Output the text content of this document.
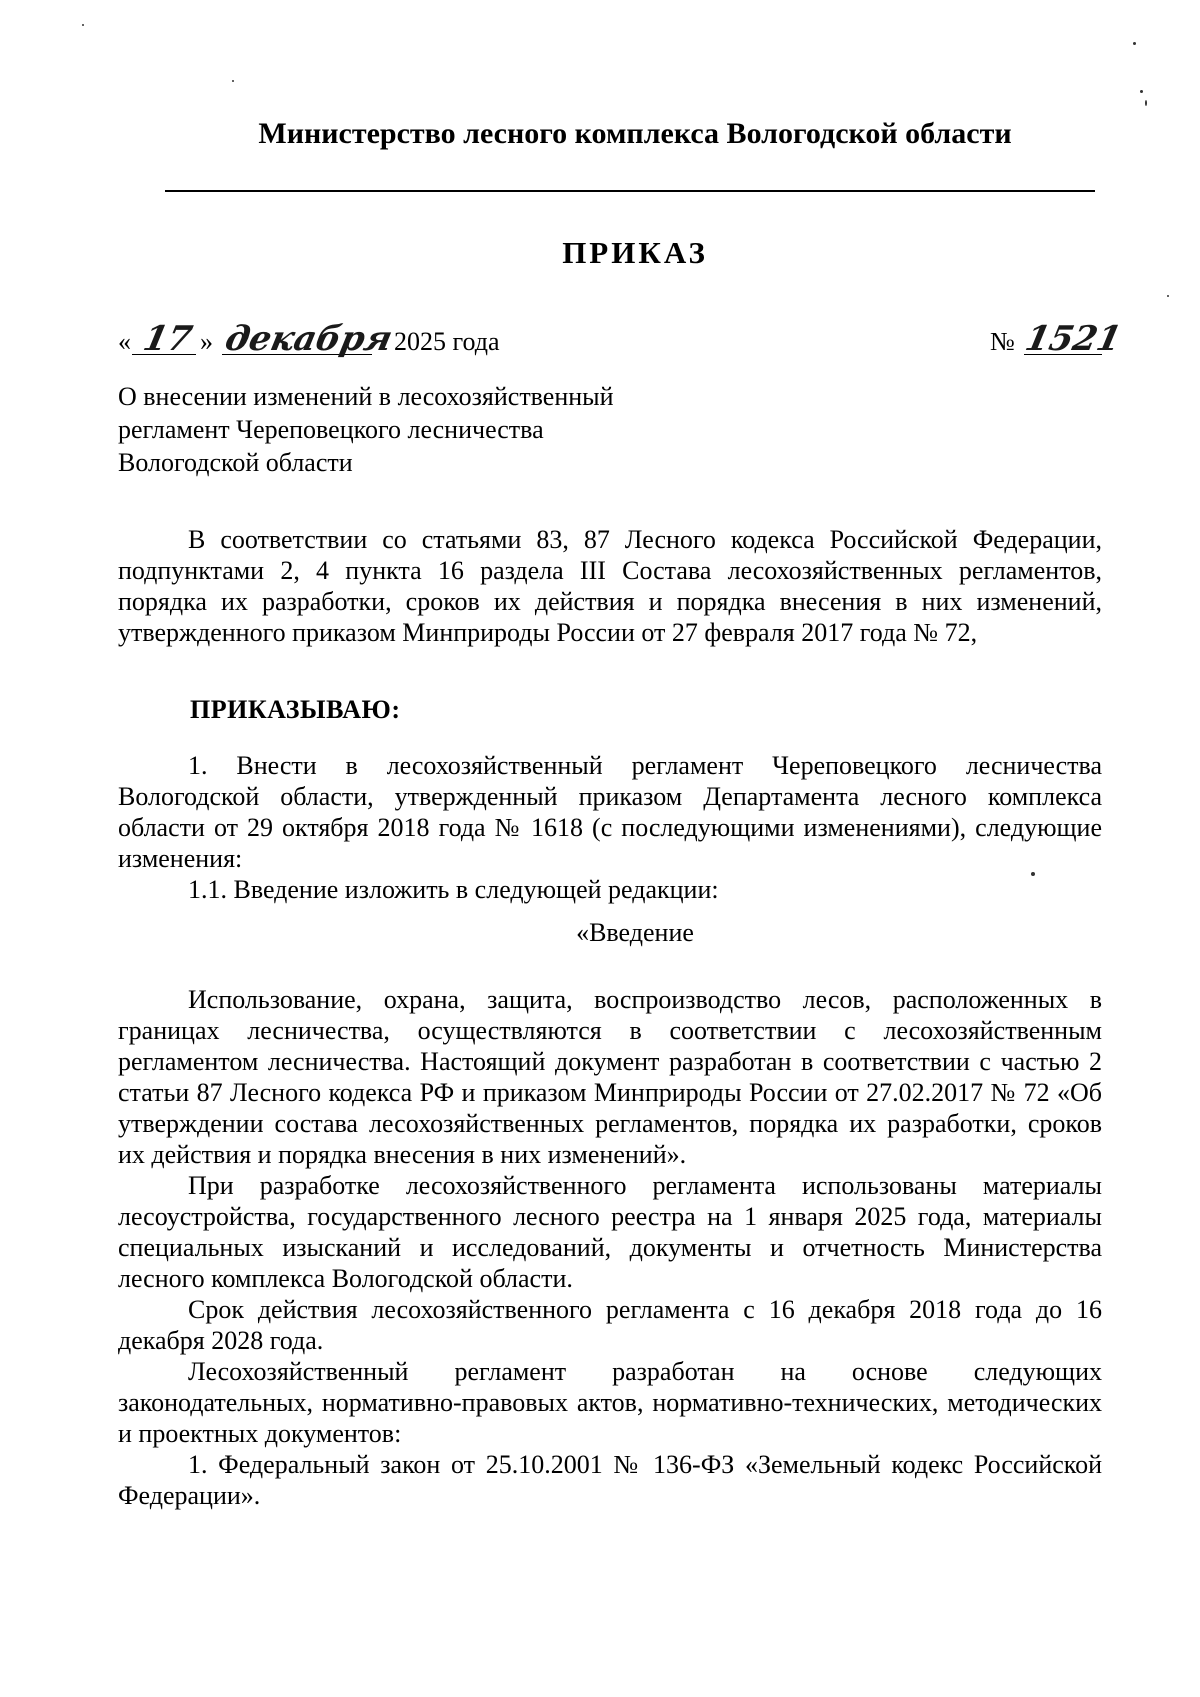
Министерство лесного комплекса Вологодской области
ПРИКАЗ
« 17 » декабря
2025 года	№ 1521
О внесении изменений в лесохозяйственный
регламент Череповецкого лесничества
Вологодской области

В соответствии со статьями 83, 87 Лесного кодекса Российской Федерации, подпунктами 2, 4 пункта 16 раздела III Состава лесохозяйственных регламентов, порядка их разработки, сроков их действия и порядка внесения в них изменений, утвержденного приказом Минприроды России от 27 февраля 2017 года № 72,

ПРИКАЗЫВАЮ:

1. Внести в лесохозяйственный регламент Череповецкого лесничества Вологодской области, утвержденный приказом Департамента лесного комплекса области от 29 октября 2018 года № 1618 (с последующими изменениями), следующие изменения:

1.1. Введение изложить в следующей редакции:

«Введение

Использование, охрана, защита, воспроизводство лесов, расположенных в границах лесничества, осуществляются в соответствии с лесохозяйственным регламентом лесничества. Настоящий документ разработан в соответствии с частью 2 статьи 87 Лесного кодекса РФ и приказом Минприроды России от 27.02.2017 № 72 «Об утверждении состава лесохозяйственных регламентов, порядка их разработки, сроков их действия и порядка внесения в них изменений».

При разработке лесохозяйственного регламента использованы материалы лесоустройства, государственного лесного реестра на 1 января 2025 года, материалы специальных изысканий и исследований, документы и отчетность Министерства лесного комплекса Вологодской области.

Срок действия лесохозяйственного регламента с 16 декабря 2018 года до 16 декабря 2028 года.

Лесохозяйственный регламент разработан на основе следующих законодательных, нормативно-правовых актов, нормативно-технических, методических и проектных документов:

1. Федеральный закон от 25.10.2001 № 136-ФЗ «Земельный кодекс Российской Федерации».
